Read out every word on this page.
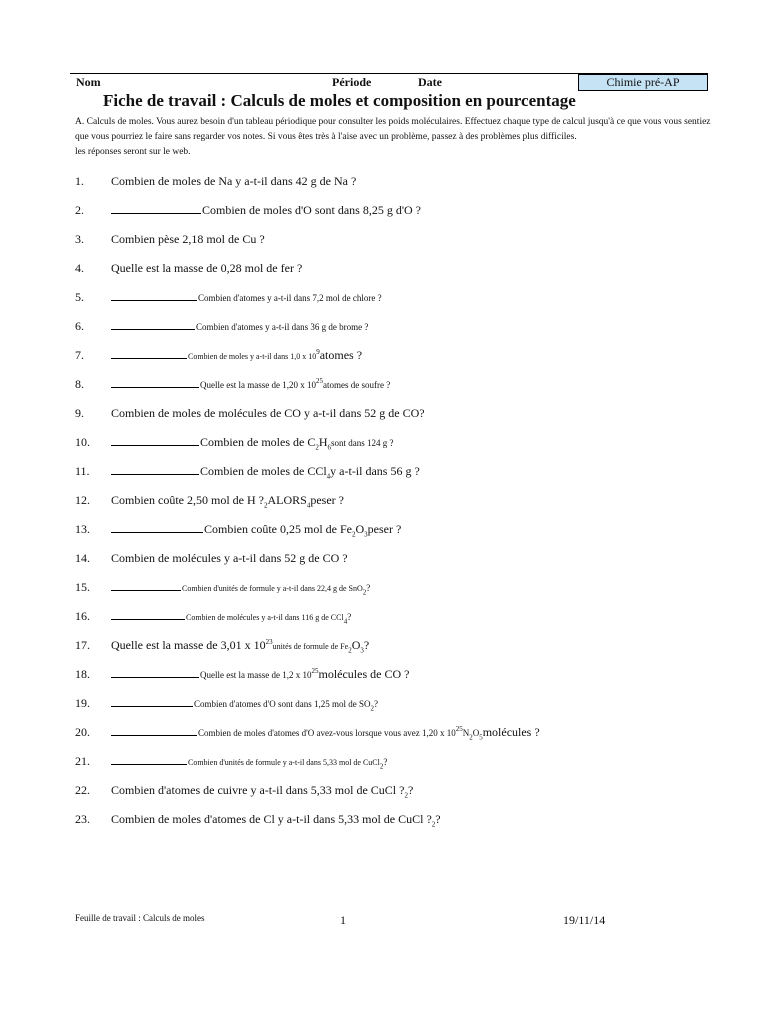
Nom	Période	Date	Chimie pré-AP
Fiche de travail : Calculs de moles et composition en pourcentage
A. Calculs de moles. Vous aurez besoin d'un tableau périodique pour consulter les poids moléculaires. Effectuez chaque type de calcul jusqu'à ce que vous vous sentiez
que vous pourriez le faire sans regarder vos notes. Si vous êtes très à l'aise avec un problème, passez à des problèmes plus difficiles.
les réponses seront sur le web.
1. Combien de moles de Na y a-t-il dans 42 g de Na ?
2.	Combien de moles d'O sont dans 8,25 g d'O ?
3. Combien pèse 2,18 mol de Cu ?
4. Quelle est la masse de 0,28 mol de fer ?
5.	Combien d'atomes y a-t-il dans 7,2 mol de chlore ?
6.	Combien d'atomes y a-t-il dans 36 g de brome ?
7.	Combien de moles y a-t-il dans 1,0 x $10^9atomes$ ?
8.	Quelle est la masse de 1,20 x $10^{25}atomes$ de soufre ?
9. Combien de moles de molécules de CO y a-t-il dans 52 g de CO?
10.	Combien de moles de $C_2H_6sont$ dans 124 g ?
11.	Combien de moles de CCl$_4$y a-t-il dans 56 g ?
12. Combien coûte 2,50 mol de H $?_2ALORS_4peser$ ?
13.	Combien coûte 0,25 mol de $Fe_2O_3peser$ ?
14. Combien de molécules y a-t-il dans 52 g de CO ?
15.	Combien d'unités de formule y a-t-il dans 22,4 g de SnO$_2$?
16.	Combien de molécules y a-t-il dans 116 g de CCl$_4$?
17. Quelle est la masse de 3,01 x $10^{23}unités$ de formule de $Fe_2O_3$?
18.	Quelle est la masse de 1,2 x $10^{25}molécules$ de CO ?
19.	Combien d'atomes d'O sont dans 1,25 mol de $SO_2$?
20.	Combien de moles d'atomes d'O avez-vous lorsque vous avez 1,20 x $10^{25}N_2O_5molécules$ ?
21.	Combien d'unités de formule y a-t-il dans 5,33 mol de CuCl$_2$?
22. Combien d'atomes de cuivre y a-t-il dans 5,33 mol de CuCl $?_2$?
23. Combien de moles d'atomes de Cl y a-t-il dans 5,33 mol de CuCl $?_2$?
Feuille de travail : Calculs de moles	1	19/11/14
